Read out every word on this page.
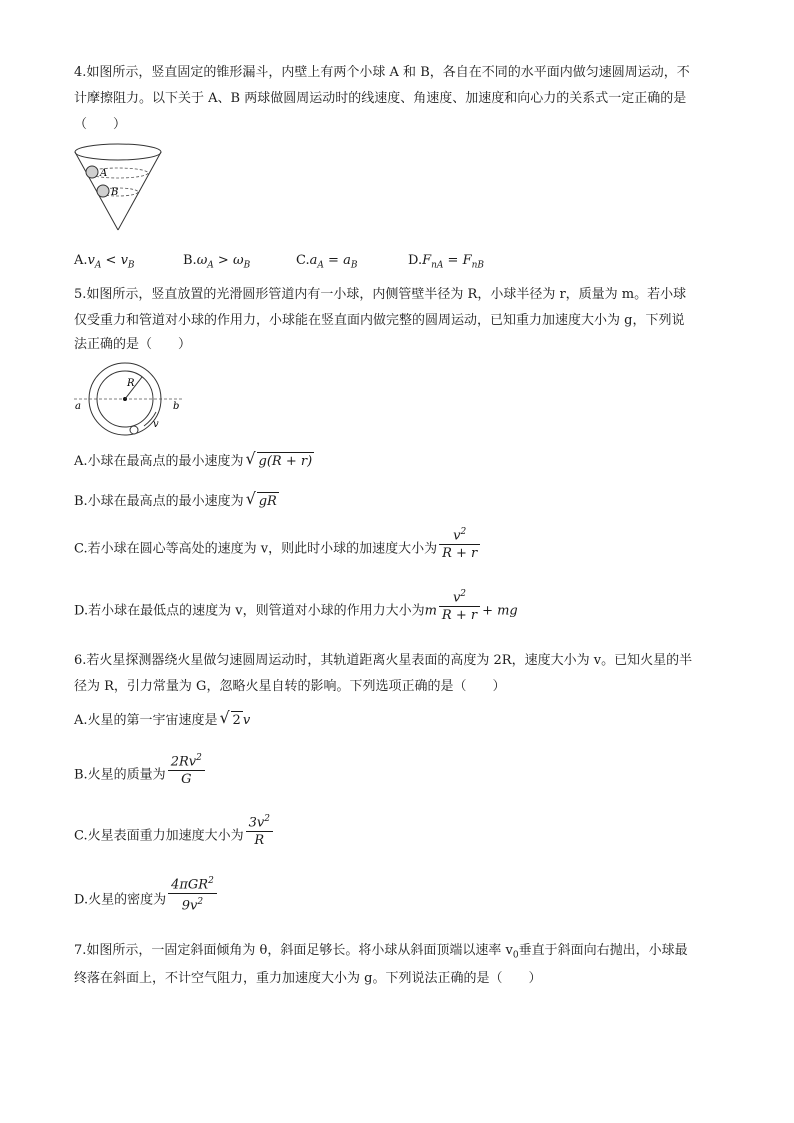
4.如图所示，竖直固定的锥形漏斗，内壁上有两个小球 A 和 B，各自在不同的水平面内做匀速圆周运动，不
计摩擦阻力。以下关于 A、B 两球做圆周运动时的线速度、角速度、加速度和向心力的关系式一定正确的是
（　　）
A
B
$A.v_A < v_B$	$B.\omega_A > \omega_B$	$C.a_A = a_B$	$D.F_{nA} = F_{nB}$
5.如图所示，竖直放置的光滑圆形管道内有一小球，内侧管壁半径为 R，小球半径为 r，质量为 m。若小球
仅受重力和管道对小球的作用力，小球能在竖直面内做完整的圆周运动，已知重力加速度大小为 g，下列说
法正确的是（　　）
R
a	b
v
A.小球在最高点的最小速度为 √ g(R + r)
B.小球在最高点的最小速度为 √ gR
C.若小球在圆心等高处的速度为 v，则此时小球的加速度大小为 $\frac{v^2}{R + r}$
D.若小球在最低点的速度为 v，则管道对小球的作用力大小为m $\frac{v^2}{R + r}$ + mg
6.若火星探测器绕火星做匀速圆周运动时，其轨道距离火星表面的高度为 2R，速度大小为 v。已知火星的半
径为 R，引力常量为 G，忽略火星自转的影响。下列选项正确的是（　　）
A.火星的第一宇宙速度是 √ 2 v
B.火星的质量为 $\frac{2Rv^2}{G}$
C.火星表面重力加速度大小为 $\frac{3v^2}{R}$
D.火星的密度为 $\frac{4\pi GR^2}{9v^2}$
7.如图所示，一固定斜面倾角为 θ，斜面足够长。将小球从斜面顶端以速率 $v_0$垂直于斜面向右抛出，小球最
终落在斜面上，不计空气阻力，重力加速度大小为 g。下列说法正确的是（　　）
